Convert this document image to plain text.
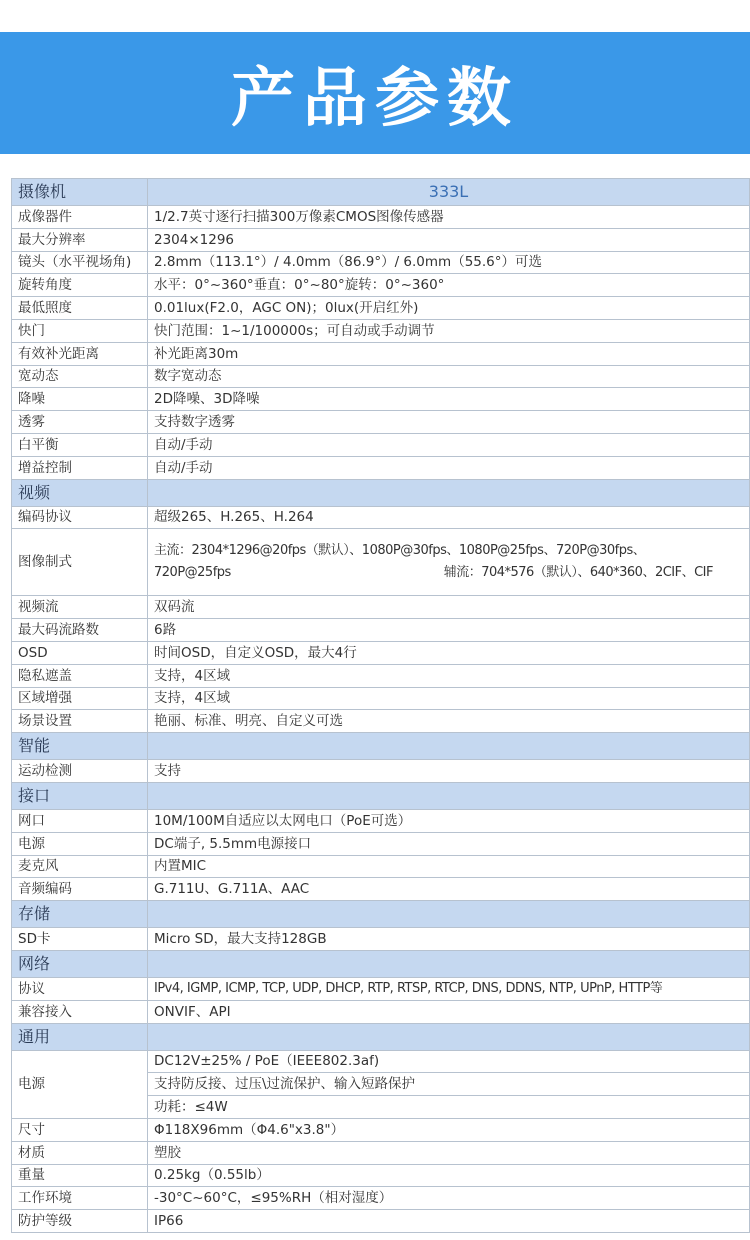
产品参数
摄像机	333L
成像器件	1/2.7英寸逐行扫描300万像素CMOS图像传感器
最大分辨率	2304×1296
镜头（水平视场角)	2.8mm（113.1°）/ 4.0mm（86.9°）/ 6.0mm（55.6°）可选
旋转角度	水平：0°~360°垂直：0°~80°旋转：0°~360°
最低照度	0.01lux(F2.0，AGC ON)；0lux(开启红外)
快门	快门范围：1~1/100000s；可自动或手动调节
有效补光距离	补光距离30m
宽动态	数字宽动态
降噪	2D降噪、3D降噪
透雾	支持数字透雾
白平衡	自动/手动
增益控制	自动/手动
视频	
编码协议	超级265、H.265、H.264
图像制式	主流：2304*1296@20fps（默认）、1080P@30fps、1080P@25fps、720P@30fps、
720P@25fps 辅流：704*576（默认）、640*360、2CIF、CIF

视频流	双码流
最大码流路数	6路
OSD	时间OSD，自定义OSD，最大4行
隐私遮盖	支持，4区域
区域增强	支持，4区域
场景设置	艳丽、标准、明亮、自定义可选
智能	
运动检测	支持
接口	
网口	10M/100M自适应以太网电口（PoE可选）
电源	DC端子, 5.5mm电源接口
麦克风	内置MIC
音频编码	G.711U、G.711A、AAC
存储	
SD卡	Micro SD，最大支持128GB
网络	
协议	IPv4, IGMP, ICMP, TCP, UDP, DHCP, RTP, RTSP, RTCP, DNS, DDNS, NTP, UPnP, HTTP等
兼容接入	ONVIF、API
通用	
电源	DC12V±25% / PoE（IEEE802.3af)
	支持防反接、过压\过流保护、输入短路保护
	功耗：≤4W
尺寸	Φ118X96mm（Φ4.6"x3.8"）
材质	塑胶
重量	0.25kg（0.55lb）
工作环境	-30°C~60°C，≤95%RH（相对湿度）
防护等级	IP66
